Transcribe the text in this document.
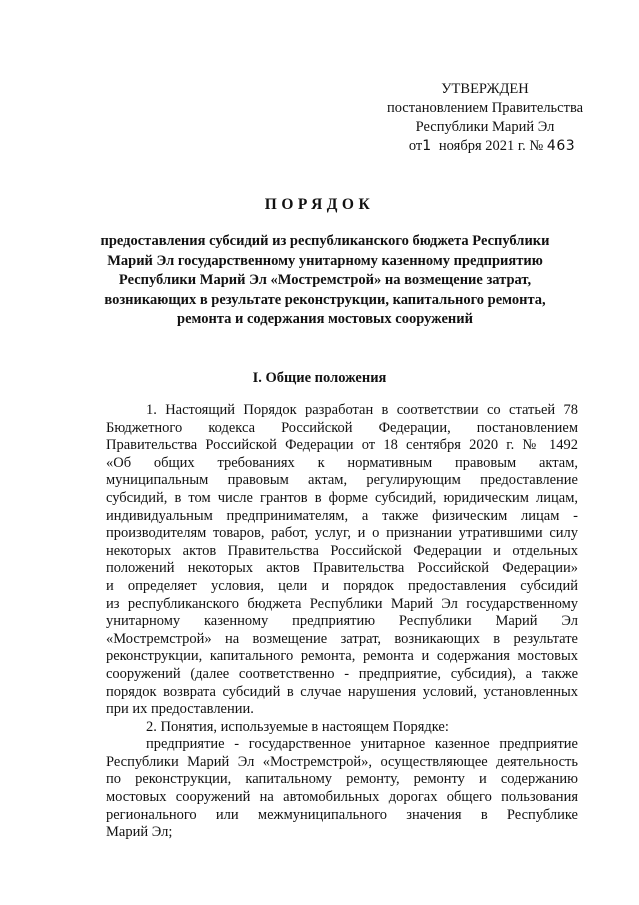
УТВЕРЖДЕН
постановлением Правительства
Республики Марий Эл
от1 ноября 2021 г. № 463
ПОРЯДОК
предоставления субсидий из республиканского бюджета Республики
Марий Эл государственному унитарному казенному предприятию
Республики Марий Эл «Мостремстрой» на возмещение затрат,
возникающих в результате реконструкции, капитального ремонта,
ремонта и содержания мостовых сооружений
I. Общие положения
1. Настоящий Порядок разработан в соответствии со статьей 78
Бюджетного кодекса Российской Федерации, постановлением
Правительства Российской Федерации от 18 сентября 2020 г. № 1492
«Об общих требованиях к нормативным правовым актам,
муниципальным правовым актам, регулирующим предоставление
субсидий, в том числе грантов в форме субсидий, юридическим лицам,
индивидуальным предпринимателям, а также физическим лицам -
производителям товаров, работ, услуг, и о признании утратившими силу
некоторых актов Правительства Российской Федерации и отдельных
положений некоторых актов Правительства Российской Федерации»
и определяет условия, цели и порядок предоставления субсидий
из республиканского бюджета Республики Марий Эл государственному
унитарному казенному предприятию Республики Марий Эл
«Мостремстрой» на возмещение затрат, возникающих в результате
реконструкции, капитального ремонта, ремонта и содержания мостовых
сооружений (далее соответственно - предприятие, субсидия), а также
порядок возврата субсидий в случае нарушения условий, установленных
при их предоставлении.
2. Понятия, используемые в настоящем Порядке:
предприятие - государственное унитарное казенное предприятие
Республики Марий Эл «Мостремстрой», осуществляющее деятельность
по реконструкции, капитальному ремонту, ремонту и содержанию
мостовых сооружений на автомобильных дорогах общего пользования
регионального или межмуниципального значения в Республике
Марий Эл;
